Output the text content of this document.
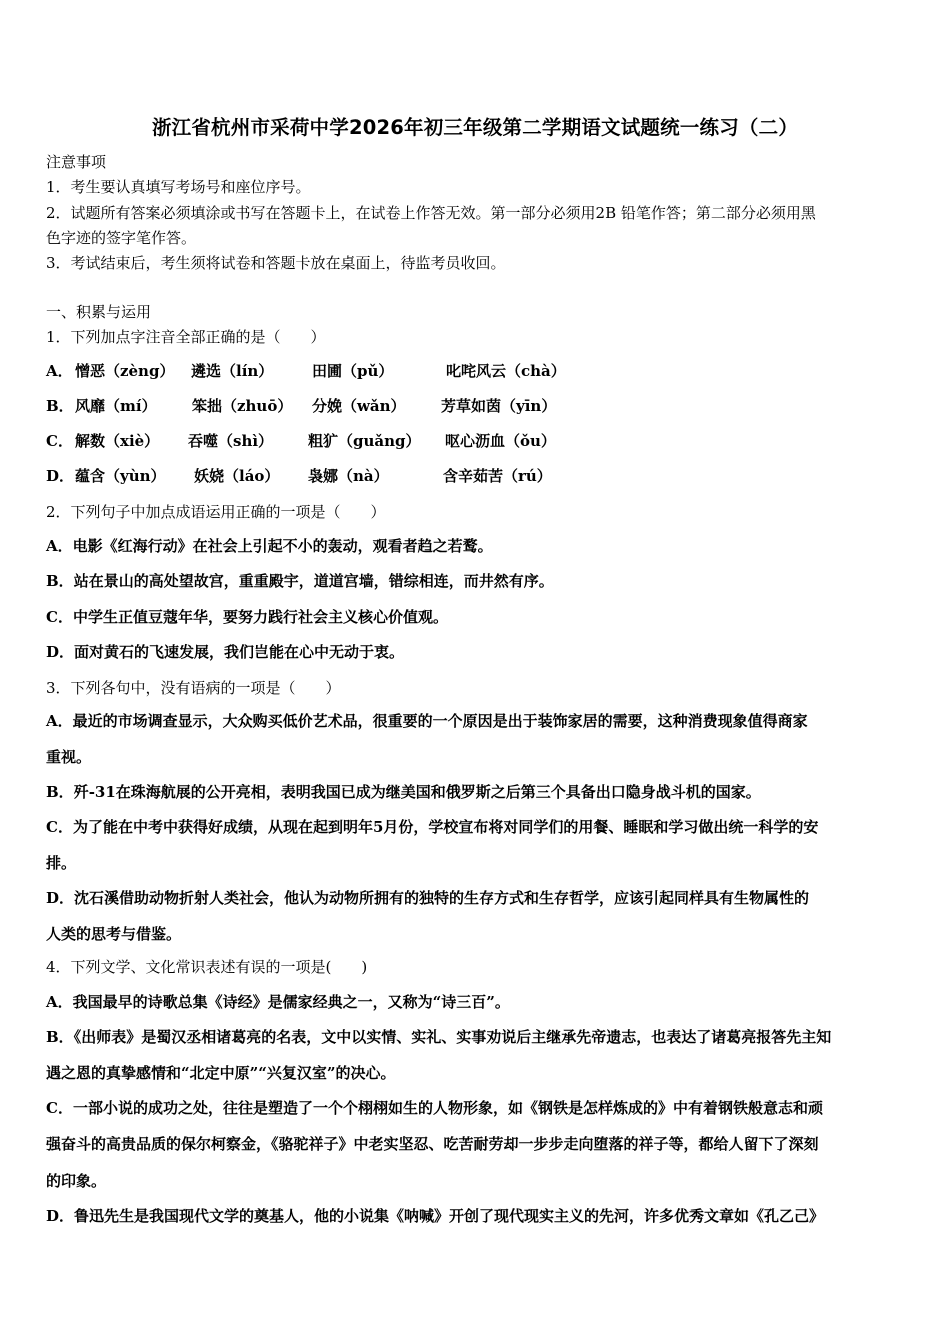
浙江省杭州市采荷中学2026年初三年级第二学期语文试题统一练习（二）
注意事项
1．考生要认真填写考场号和座位序号。
2．试题所有答案必须填涂或书写在答题卡上，在试卷上作答无效。第一部分必须用2B 铅笔作答；第二部分必须用黑
色字迹的签字笔作答。
3．考试结束后，考生须将试卷和答题卡放在桌面上，待监考员收回。
一、积累与运用
1．下列加点字注音全部正确的是（　　）
A． 憎恶（zèng） 遴选（lín）	田圃（pǔ）	叱咤风云（chà）
B． 风靡（mí） 笨拙（zhuō） 分娩（wǎn） 芳草如茵（yīn）
C． 解数（xiè） 吞噬（shì） 粗犷（guǎng） 呕心沥血（ǒu）
D． 蕴含（yùn） 妖娆（láo） 袅娜（nà）	含辛茹苦（rú）
2．下列句子中加点成语运用正确的一项是（　　）
A．电影《红海行动》在社会上引起不小的轰动，观看者趋之若鹜。
B．站在景山的高处望故宫，重重殿宇，道道宫墙，错综相连，而井然有序。
C．中学生正值豆蔻年华，要努力践行社会主义核心价值观。
D．面对黄石的飞速发展，我们岂能在心中无动于衷。
3．下列各句中，没有语病的一项是（　　）
A．最近的市场调查显示，大众购买低价艺术品，很重要的一个原因是出于装饰家居的需要，这种消费现象值得商家
重视。
B．歼-31在珠海航展的公开亮相，表明我国已成为继美国和俄罗斯之后第三个具备出口隐身战斗机的国家。
C．为了能在中考中获得好成绩，从现在起到明年5月份，学校宣布将对同学们的用餐、睡眠和学习做出统一科学的安
排。
D．沈石溪借助动物折射人类社会，他认为动物所拥有的独特的生存方式和生存哲学，应该引起同样具有生物属性的
人类的思考与借鉴。
4．下列文学、文化常识表述有误的一项是(　　)
A．我国最早的诗歌总集《诗经》是儒家经典之一，又称为“诗三百”。
B．《出师表》是蜀汉丞相诸葛亮的名表，文中以实情、实礼、实事劝说后主继承先帝遗志，也表达了诸葛亮报答先主知
遇之恩的真挚感情和“北定中原”“兴复汉室”的决心。
C．一部小说的成功之处，往往是塑造了一个个栩栩如生的人物形象，如《钢铁是怎样炼成的》中有着钢铁般意志和顽
强奋斗的高贵品质的保尔柯察金，《骆驼祥子》中老实坚忍、吃苦耐劳却一步步走向堕落的祥子等，都给人留下了深刻
的印象。
D．鲁迅先生是我国现代文学的奠基人，他的小说集《呐喊》开创了现代现实主义的先河，许多优秀文章如《孔乙己》
